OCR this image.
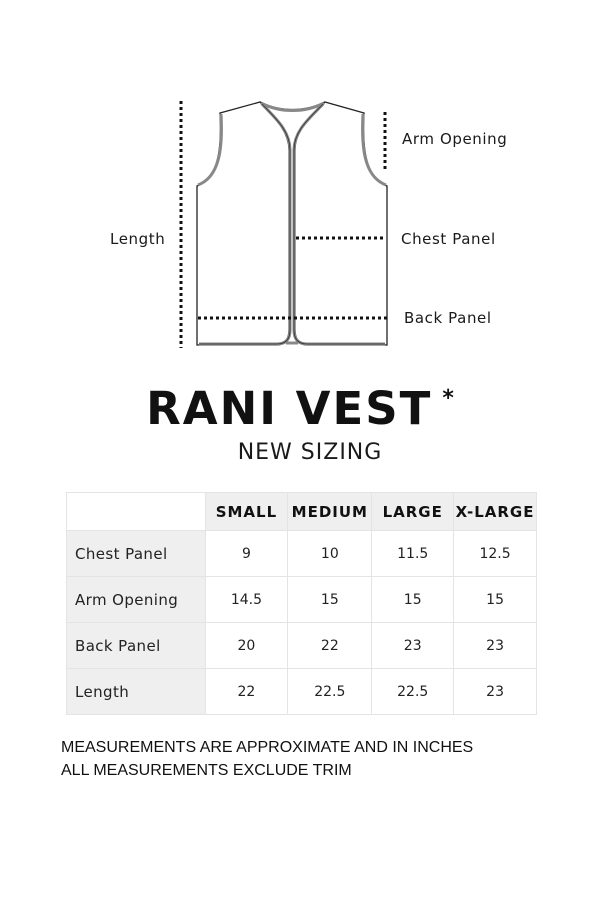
Arm Opening
Chest Panel
Back Panel
Length
RANI VEST *
NEW SIZING
	SMALL	MEDIUM	LARGE	X-LARGE
Chest Panel	9	10	11.5	12.5
Arm Opening	14.5	15	15	15
Back Panel	20	22	23	23
Length	22	22.5	22.5	23
MEASUREMENTS ARE APPROXIMATE AND IN INCHES
ALL MEASUREMENTS EXCLUDE TRIM
